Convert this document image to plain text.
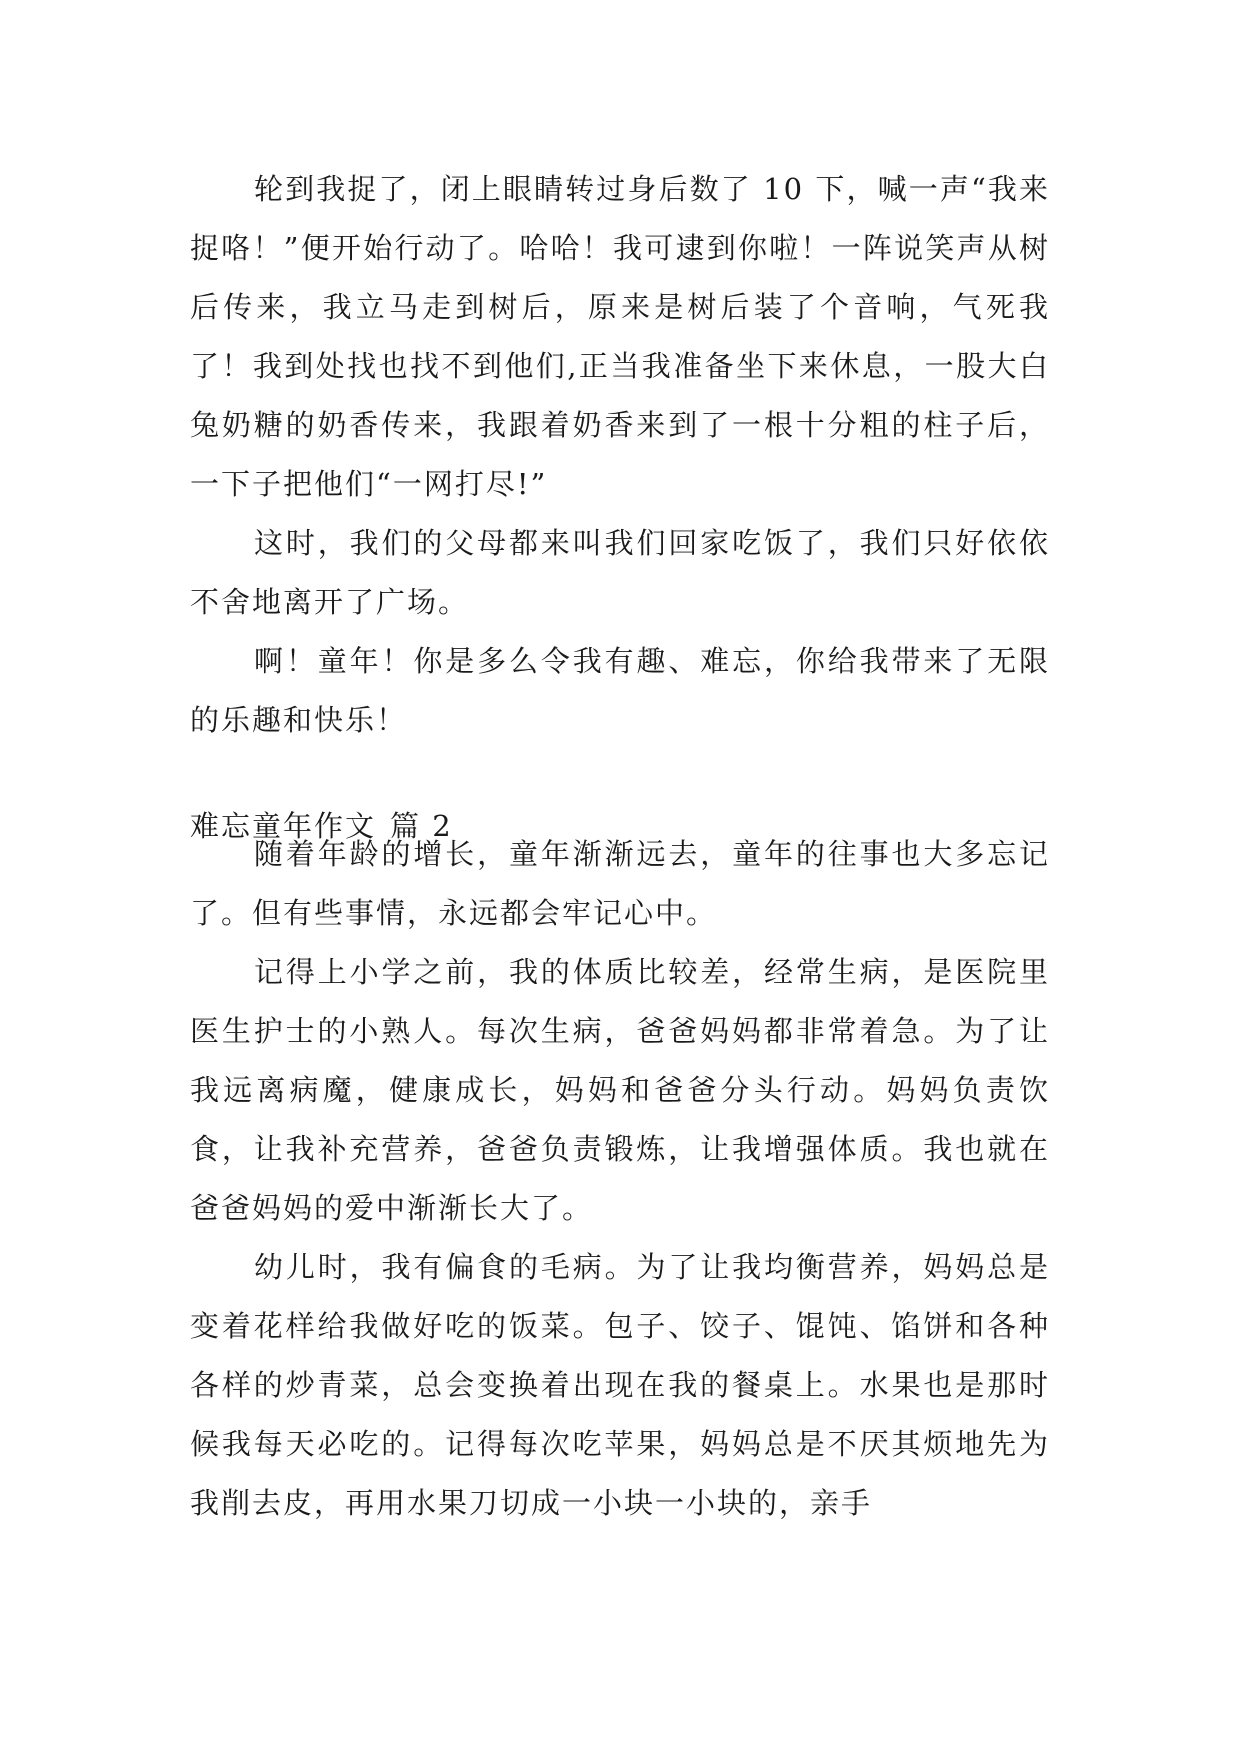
轮到我捉了，闭上眼睛转过身后数了 10 下，喊一声“我来捉咯！”便开始行动了。哈哈！我可逮到你啦！一阵说笑声从树后传来，我立马走到树后，原来是树后装了个音响，气死我了！我到处找也找不到他们,正当我准备坐下来休息，一股大白兔奶糖的奶香传来，我跟着奶香来到了一根十分粗的柱子后，一下子把他们“一网打尽!”

这时，我们的父母都来叫我们回家吃饭了，我们只好依依不舍地离开了广场。

啊！童年！你是多么令我有趣、难忘，你给我带来了无限的乐趣和快乐！

难忘童年作文 篇 2

随着年龄的增长，童年渐渐远去，童年的往事也大多忘记了。但有些事情，永远都会牢记心中。

记得上小学之前，我的体质比较差，经常生病，是医院里医生护士的小熟人。每次生病，爸爸妈妈都非常着急。为了让我远离病魔，健康成长，妈妈和爸爸分头行动。妈妈负责饮食，让我补充营养，爸爸负责锻炼，让我增强体质。我也就在爸爸妈妈的爱中渐渐长大了。

幼儿时，我有偏食的毛病。为了让我均衡营养，妈妈总是变着花样给我做好吃的饭菜。包子、饺子、馄饨、馅饼和各种各样的炒青菜，总会变换着出现在我的餐桌上。水果也是那时候我每天必吃的。记得每次吃苹果，妈妈总是不厌其烦地先为我削去皮，再用水果刀切成一小块一小块的，亲手
